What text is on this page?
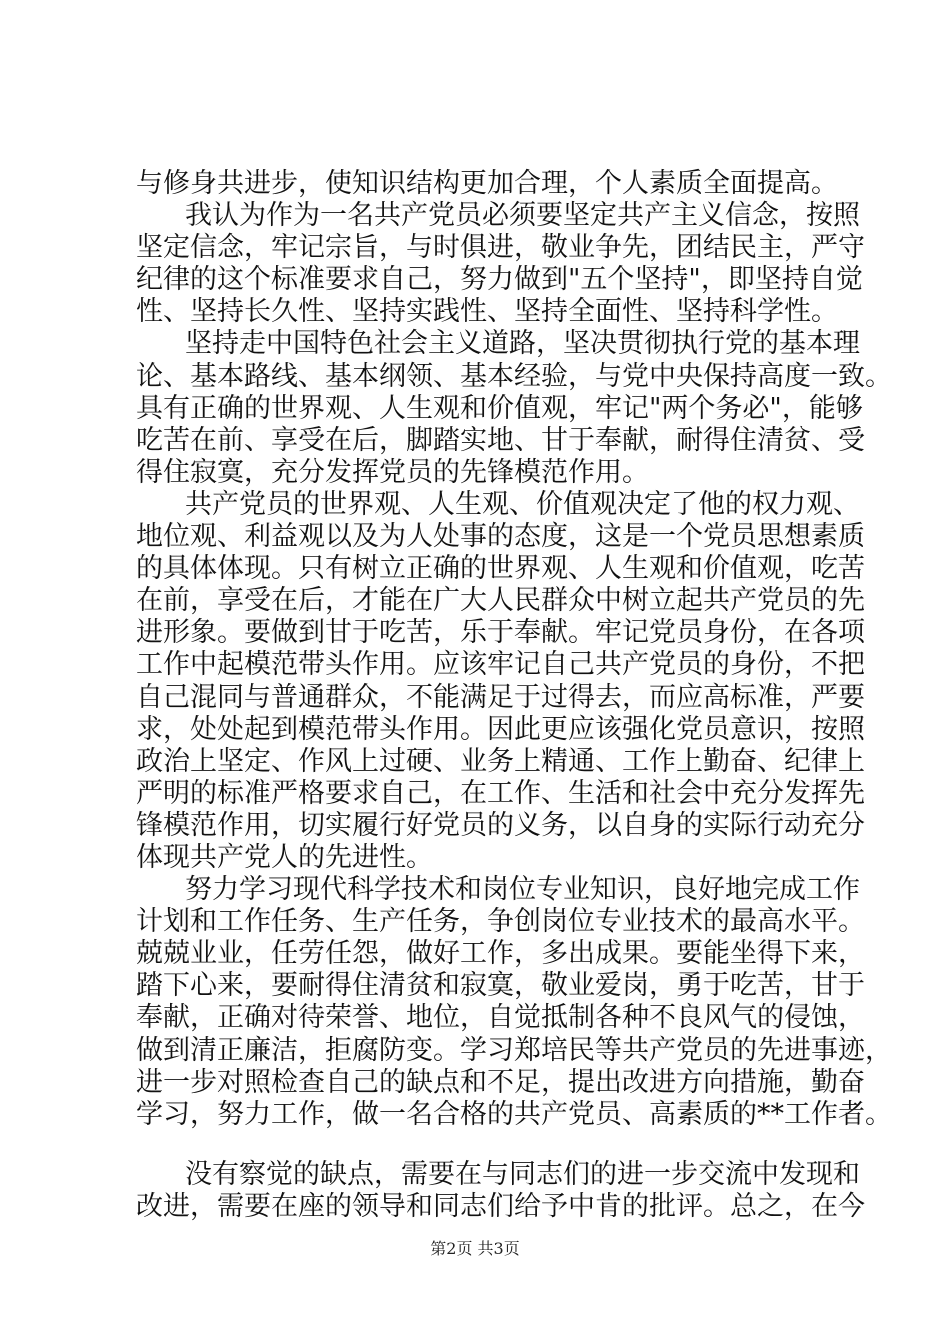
与修身共进步，使知识结构更加合理，个人素质全面提高。
我认为作为一名共产党员必须要坚定共产主义信念，按照
坚定信念，牢记宗旨，与时俱进，敬业争先，团结民主，严守
纪律的这个标准要求自己，努力做到"五个坚持"，即坚持自觉
性、坚持长久性、坚持实践性、坚持全面性、坚持科学性。
坚持走中国特色社会主义道路，坚决贯彻执行党的基本理
论、基本路线、基本纲领、基本经验，与党中央保持高度一致。
具有正确的世界观、人生观和价值观，牢记"两个务必"，能够
吃苦在前、享受在后，脚踏实地、甘于奉献，耐得住清贫、受
得住寂寞，充分发挥党员的先锋模范作用。
共产党员的世界观、人生观、价值观决定了他的权力观、
地位观、利益观以及为人处事的态度，这是一个党员思想素质
的具体体现。只有树立正确的世界观、人生观和价值观，吃苦
在前，享受在后，才能在广大人民群众中树立起共产党员的先
进形象。要做到甘于吃苦，乐于奉献。牢记党员身份，在各项
工作中起模范带头作用。应该牢记自己共产党员的身份，不把
自己混同与普通群众，不能满足于过得去，而应高标准，严要
求，处处起到模范带头作用。因此更应该强化党员意识，按照
政治上坚定、作风上过硬、业务上精通、工作上勤奋、纪律上
严明的标准严格要求自己，在工作、生活和社会中充分发挥先
锋模范作用，切实履行好党员的义务，以自身的实际行动充分
体现共产党人的先进性。
努力学习现代科学技术和岗位专业知识，良好地完成工作
计划和工作任务、生产任务，争创岗位专业技术的最高水平。
兢兢业业，任劳任怨，做好工作，多出成果。要能坐得下来，
踏下心来，要耐得住清贫和寂寞，敬业爱岗，勇于吃苦，甘于
奉献，正确对待荣誉、地位，自觉抵制各种不良风气的侵蚀，
做到清正廉洁，拒腐防变。学习郑培民等共产党员的先进事迹，
进一步对照检查自己的缺点和不足，提出改进方向措施，勤奋
学习，努力工作，做一名合格的共产党员、高素质的**工作者。
没有察觉的缺点，需要在与同志们的进一步交流中发现和
改进，需要在座的领导和同志们给予中肯的批评。总之，在今
第2页 共3页
